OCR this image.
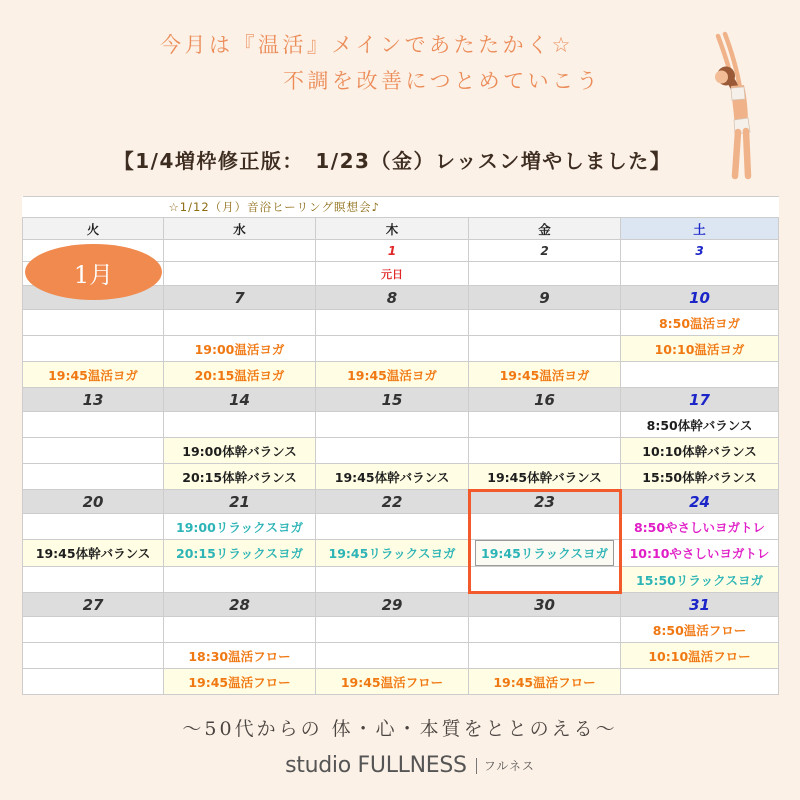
今月は『温活』メインであたたかく☆
不調を改善につとめていこう

【1/4増枠修正版：　1/23（金）レッスン増やしました】

☆1/12（月）音浴ヒーリング瞑想会♪				
火	水	木	金	土
		1	2	3
		元日		
	7	8	9	10
				8:50温活ヨガ
	19:00温活ヨガ			10:10温活ヨガ
19:45温活ヨガ	20:15温活ヨガ	19:45温活ヨガ	19:45温活ヨガ	
13	14	15	16	17
				8:50体幹バランス
	19:00体幹バランス			10:10体幹バランス
	20:15体幹バランス	19:45体幹バランス	19:45体幹バランス	15:50体幹バランス
20	21	22	23	24
	19:00リラックスヨガ			8:50やさしいヨガトレ
19:45体幹バランス	20:15リラックスヨガ	19:45リラックスヨガ	19:45リラックスヨガ	10:10やさしいヨガトレ
				15:50リラックスヨガ
27	28	29	30	31
				8:50温活フロー
	18:30温活フロー			10:10温活フロー
	19:45温活フロー	19:45温活フロー	19:45温活フロー	
1月

〜50代からの 体・心・本質をととのえる〜

studio FULLNESS フルネス
